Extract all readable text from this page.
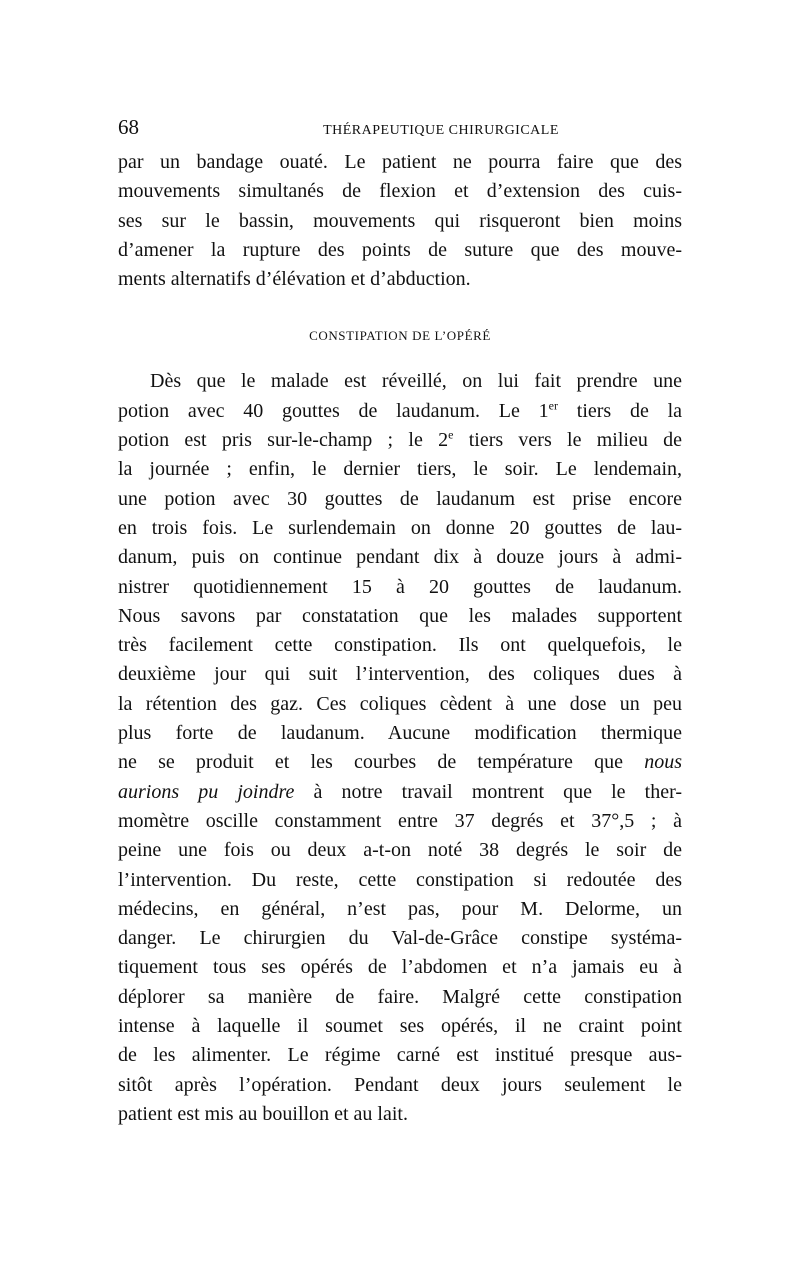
68	THÉRAPEUTIQUE CHIRURGICALE
par un bandage ouaté. Le patient ne pourra faire que des
mouvements simultanés de flexion et d’extension des cuis-
ses sur le bassin, mouvements qui risqueront bien moins
d’amener la rupture des points de suture que des mouve-
ments alternatifs d’élévation et d’abduction.
CONSTIPATION DE L’OPÉRÉ
Dès que le malade est réveillé, on lui fait prendre une
potion avec 40 gouttes de laudanum. Le 1er tiers de la
potion est pris sur-le-champ ; le 2e tiers vers le milieu de
la journée ; enfin, le dernier tiers, le soir. Le lendemain,
une potion avec 30 gouttes de laudanum est prise encore
en trois fois. Le surlendemain on donne 20 gouttes de lau-
danum, puis on continue pendant dix à douze jours à admi-
nistrer quotidiennement 15 à 20 gouttes de laudanum.
Nous savons par constatation que les malades supportent
très facilement cette constipation. Ils ont quelquefois, le
deuxième jour qui suit l’intervention, des coliques dues à
la rétention des gaz. Ces coliques cèdent à une dose un peu
plus forte de laudanum. Aucune modification thermique
ne se produit et les courbes de température que nous
aurions pu joindre à notre travail montrent que le ther-
momètre oscille constamment entre 37 degrés et 37°,5 ; à
peine une fois ou deux a-t-on noté 38 degrés le soir de
l’intervention. Du reste, cette constipation si redoutée des
médecins, en général, n’est pas, pour M. Delorme, un
danger. Le chirurgien du Val-de-Grâce constipe systéma-
tiquement tous ses opérés de l’abdomen et n’a jamais eu à
déplorer sa manière de faire. Malgré cette constipation
intense à laquelle il soumet ses opérés, il ne craint point
de les alimenter. Le régime carné est institué presque aus-
sitôt après l’opération. Pendant deux jours seulement le
patient est mis au bouillon et au lait.
